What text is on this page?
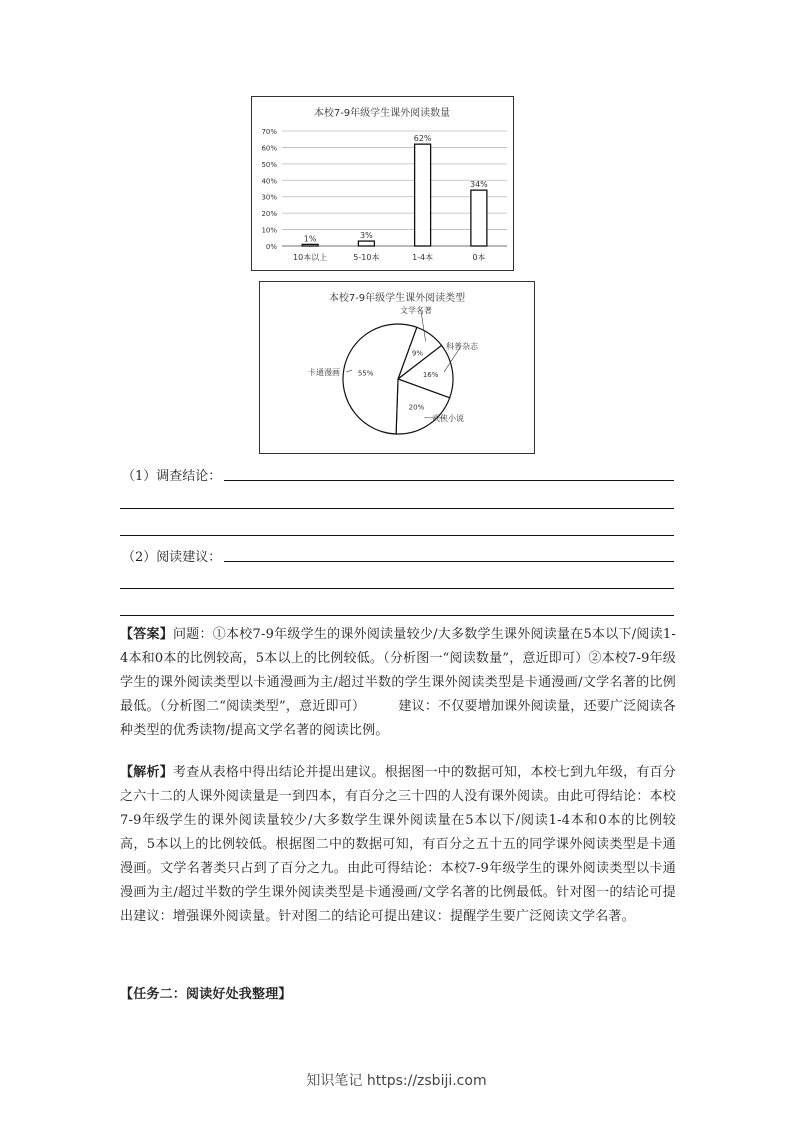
本校7-9年级学生课外阅读数量
0%
10%
20%
30%
40%
50%
60%
70%
1%	3%
62%
34%
10本以上	5-10本	1-4本	0本
本校7-9年级学生课外阅读类型
9%
16%
20%
55%
文学名著
科普杂志
武侠小说
卡通漫画
（1）调查结论：
（2）阅读建议：
【答案】问题：①本校7-9年级学生的课外阅读量较少/大多数学生课外阅读量在5本以下/阅读1-4本和0本的比例较高，5本以上的比例较低。（分析图一“阅读数量”，意近即可）②本校7-9年级学生的课外阅读类型以卡通漫画为主/超过半数的学生课外阅读类型是卡通漫画/文学名著的比例最低。（分析图二“阅读类型”，意近即可）　　　建议：不仅要增加课外阅读量，还要广泛阅读各种类型的优秀读物/提高文学名著的阅读比例。
【解析】考查从表格中得出结论并提出建议。根据图一中的数据可知，本校七到九年级，有百分之六十二的人课外阅读量是一到四本，有百分之三十四的人没有课外阅读。由此可得结论：本校7-9年级学生的课外阅读量较少/大多数学生课外阅读量在5本以下/阅读1-4本和0本的比例较高，5本以上的比例较低。根据图二中的数据可知，有百分之五十五的同学课外阅读类型是卡通漫画。文学名著类只占到了百分之九。由此可得结论：本校7-9年级学生的课外阅读类型以卡通漫画为主/超过半数的学生课外阅读类型是卡通漫画/文学名著的比例最低。针对图一的结论可提出建议：增强课外阅读量。针对图二的结论可提出建议：提醒学生要广泛阅读文学名著。
【任务二：阅读好处我整理】
知识笔记 https://zsbiji.com
